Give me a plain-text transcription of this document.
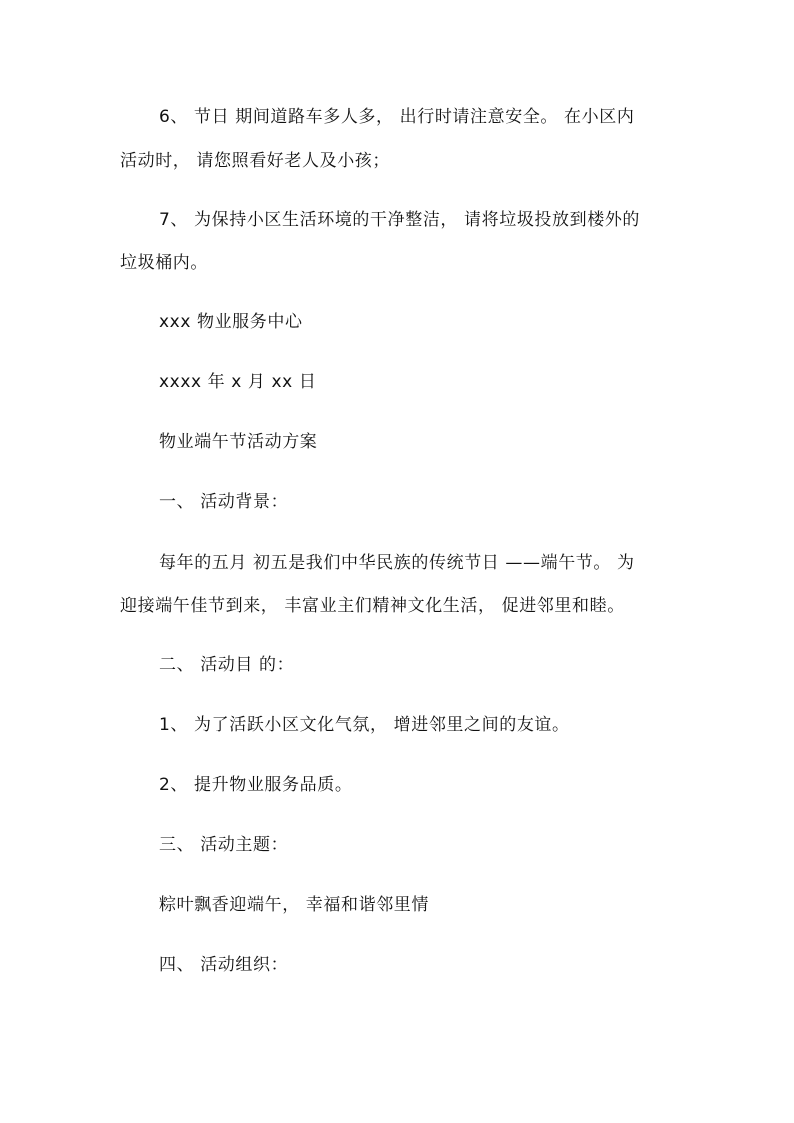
6、 节日 期间道路车多人多， 出行时请注意安全。 在小区内
活动时， 请您照看好老人及小孩；
7、 为保持小区生活环境的干净整洁， 请将垃圾投放到楼外的
垃圾桶内。
xxx 物业服务中心
xxxx 年 x 月 xx 日
物业端午节活动方案
一、 活动背景：
每年的五月 初五是我们中华民族的传统节日 ——端午节。 为
迎接端午佳节到来， 丰富业主们精神文化生活， 促进邻里和睦。
二、 活动目 的：
1、 为了活跃小区文化气氛， 增进邻里之间的友谊。
2、 提升物业服务品质。
三、 活动主题：
粽叶飘香迎端午， 幸福和谐邻里情
四、 活动组织：
